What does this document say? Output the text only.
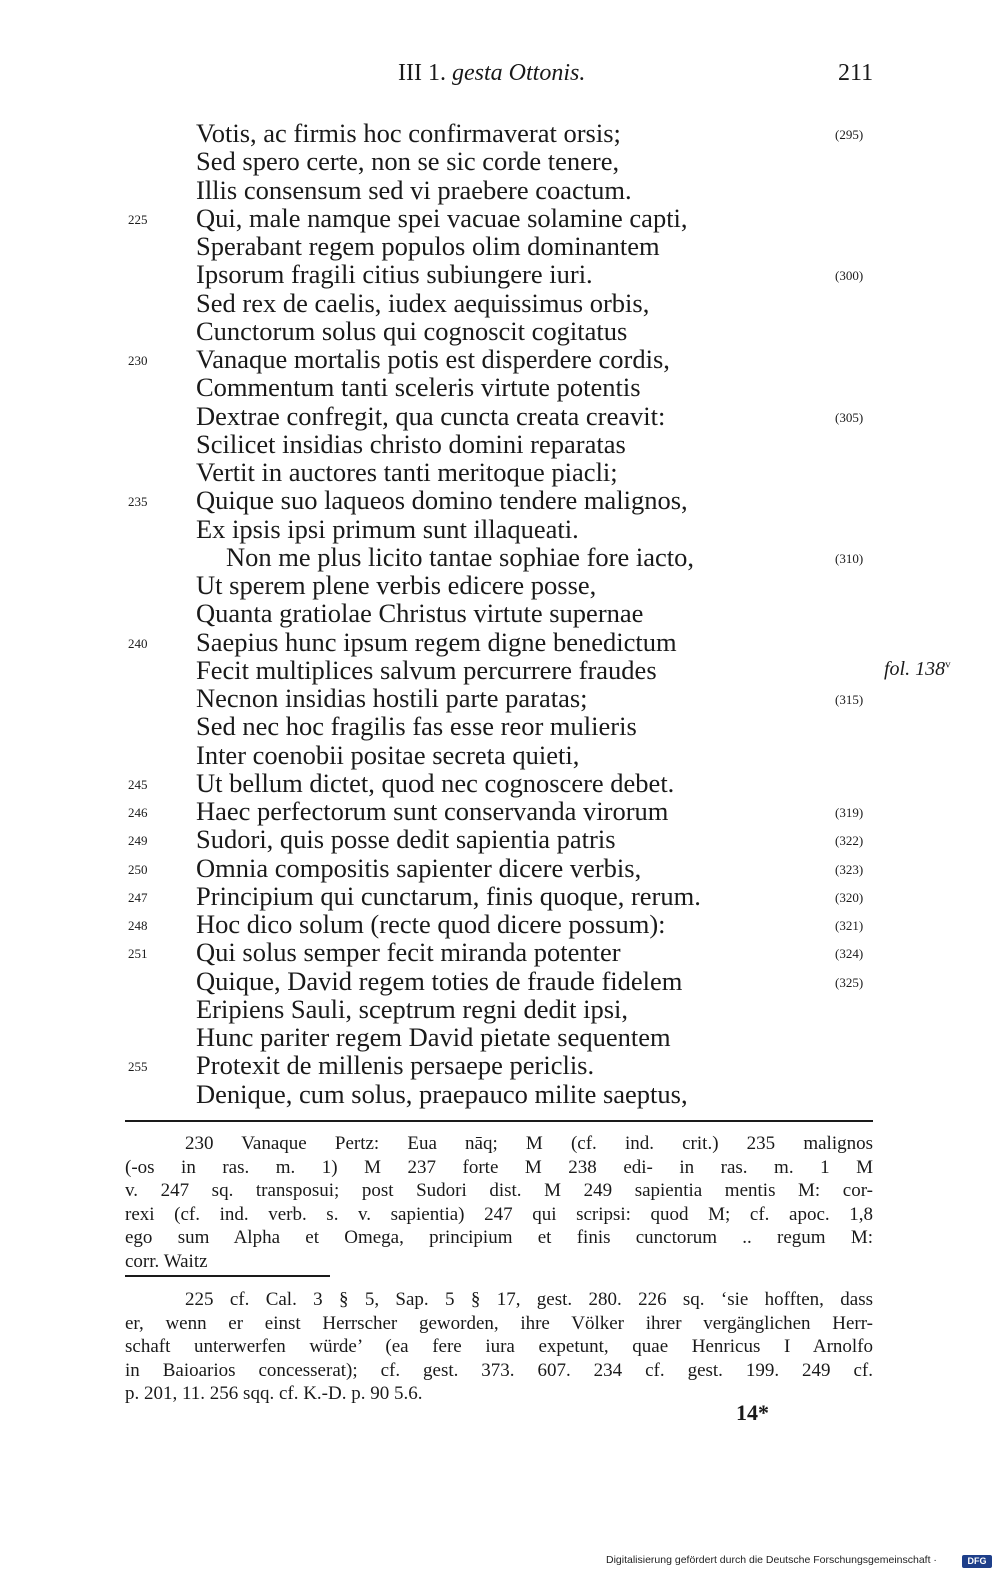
III 1. gesta Ottonis.	211
Votis, ac firmis hoc confirmaverat orsis;	(295)
Sed spero certe, non se sic corde tenere,
Illis consensum sed vi praebere coactum.
225 Qui, male namque spei vacuae solamine capti,
Sperabant regem populos olim dominantem
Ipsorum fragili citius subiungere iuri.	(300)
Sed rex de caelis, iudex aequissimus orbis,
Cunctorum solus qui cognoscit cogitatus
230 Vanaque mortalis potis est disperdere cordis,
Commentum tanti sceleris virtute potentis
Dextrae confregit, qua cuncta creata creavit:	(305)
Scilicet insidias christo domini reparatas
Vertit in auctores tanti meritoque piacli;
235 Quique suo laqueos domino tendere malignos,
Ex ipsis ipsi primum sunt illaqueati.
Non me plus licito tantae sophiae fore iacto,	(310)
Ut sperem plene verbis edicere posse,
Quanta gratiolae Christus virtute supernae
240 Saepius hunc ipsum regem digne benedictum
Fecit multiplices salvum percurrere fraudes	fol. 138$^v$
Necnon insidias hostili parte paratas;	(315)
Sed nec hoc fragilis fas esse reor mulieris
Inter coenobii positae secreta quieti,
245 Ut bellum dictet, quod nec cognoscere debet.
246 Haec perfectorum sunt conservanda virorum	(319)
249 Sudori, quis posse dedit sapientia patris	(322)
250 Omnia compositis sapienter dicere verbis,	(323)
247 Principium qui cunctarum, finis quoque, rerum.	(320)
248 Hoc dico solum (recte quod dicere possum):	(321)
251 Qui solus semper fecit miranda potenter	(324)
Quique, David regem toties de fraude fidelem	(325)
Eripiens Sauli, sceptrum regni dedit ipsi,
Hunc pariter regem David pietate sequentem
255 Protexit de millenis persaepe periclis.
Denique, cum solus, praepauco milite saeptus,

230 Vanaque Pertz: Eua nāq; M (cf. ind. crit.) 235 malignos

(-os in ras. m. 1) M 237 forte M 238 edi- in ras. m. 1 M

v. 247 sq. transposui; post Sudori dist. M 249 sapientia mentis M: cor-

rexi (cf. ind. verb. s. v. sapientia) 247 qui scripsi: quod M; cf. apoc. 1,8

ego sum Alpha et Omega, principium et finis cunctorum .. regum M:

corr. Waitz

225 cf. Cal. 3 § 5, Sap. 5 § 17, gest. 280. 226 sq. ‘sie hofften, dass

er, wenn er einst Herrscher geworden, ihre Völker ihrer vergänglichen Herr-

schaft unterwerfen würde’ (ea fere iura expetunt, quae Henricus I Arnolfo

in Baioarios concesserat); cf. gest. 373. 607. 234 cf. gest. 199. 249 cf.

p. 201, 11. 256 sqq. cf. K.-D. p. 90 5.6.

14*
Digitalisierung gefördert durch die Deutsche Forschungsgemeinschaft ·	DFG
